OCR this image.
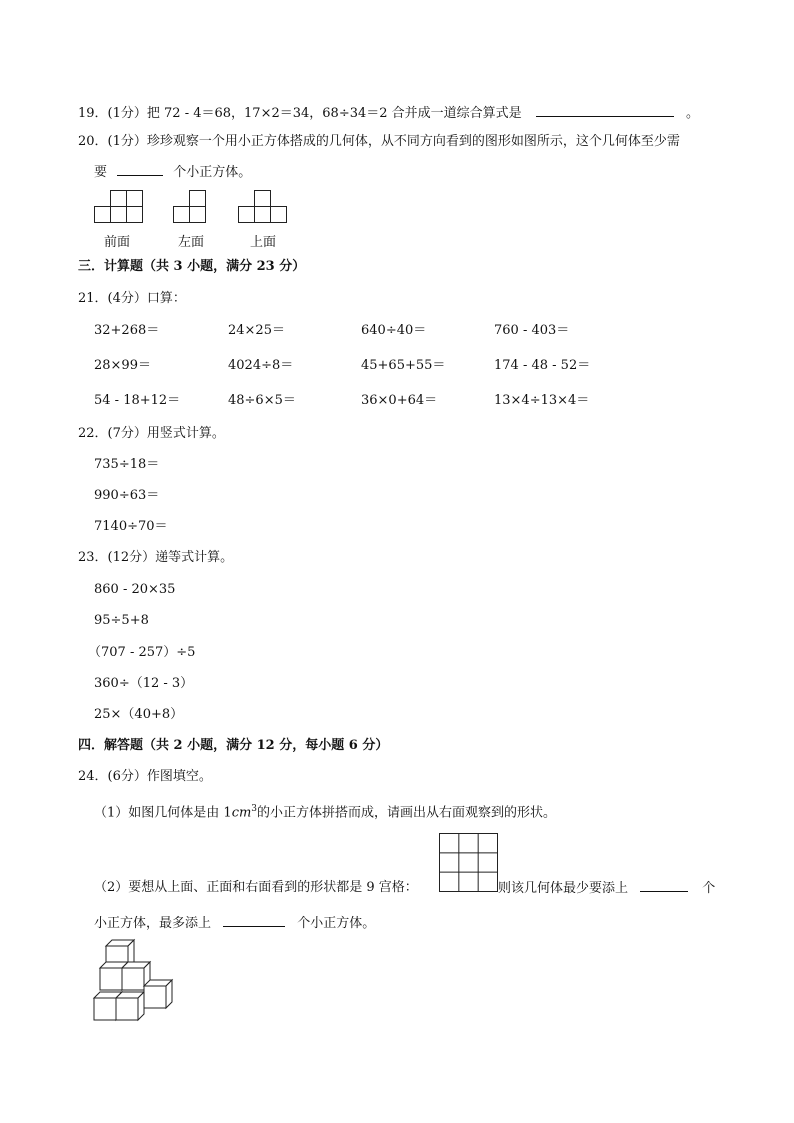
19．(1分）把 72 - 4＝68，17×2＝34，68÷34＝2 合并成一道综合算式是	。
20．(1分）珍珍观察一个用小正方体搭成的几何体，从不同方向看到的图形如图所示，这个几何体至少需
要	个小正方体。
前面	左面	上面
三．计算题（共 3 小题，满分 23 分）
21．(4分）口算：
32+268＝	24×25＝	640÷40＝	760 - 403＝
28×99＝	4024÷8＝	45+65+55＝	174 - 48 - 52＝
54 - 18+12＝	48÷6×5＝	36×0+64＝	13×4÷13×4＝
22．(7分）用竖式计算。
735÷18＝
990÷63＝
7140÷70＝
23．(12分）递等式计算。
860 - 20×35
95÷5+8
（707 - 257）÷5
360÷（12 - 3）
25×（40+8）
四．解答题（共 2 小题，满分 12 分，每小题 6 分）
24．(6分）作图填空。
（1）如图几何体是由 $1cm^3$的小正方体拼搭而成，请画出从右面观察到的形状。
（2）要想从上面、正面和右面看到的形状都是 9 宫格：	则该几何体最少要添上	个
小正方体，最多添上	个小正方体。
